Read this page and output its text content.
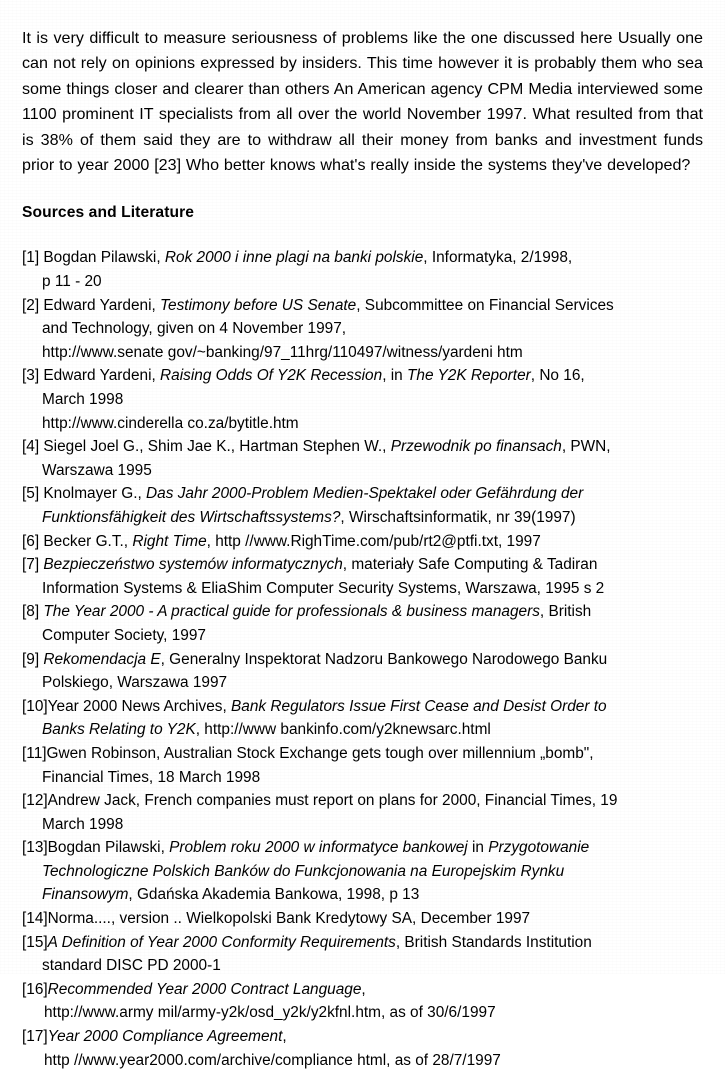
It is very difficult to measure seriousness of problems like the one discussed here Usually one can not rely on opinions expressed by insiders. This time however it is probably them who sea some things closer and clearer than others An American agency CPM Media interviewed some 1100 prominent IT specialists from all over the world November 1997. What resulted from that is 38% of them said they are to withdraw all their money from banks and investment funds prior to year 2000 [23] Who better knows what's really inside the systems they've developed?

Sources and Literature

[1] Bogdan Pilawski, Rok 2000 i inne plagi na banki polskie, Informatyka, 2/1998,

p 11 - 20

[2] Edward Yardeni, Testimony before US Senate, Subcommittee on Financial Services

and Technology, given on 4 November 1997,

http://www.senate gov/~banking/97_11hrg/110497/witness/yardeni htm

[3] Edward Yardeni, Raising Odds Of Y2K Recession, in The Y2K Reporter, No 16,

March 1998

http://www.cinderella co.za/bytitle.htm

[4] Siegel Joel G., Shim Jae K., Hartman Stephen W., Przewodnik po finansach, PWN,

Warszawa 1995

[5] Knolmayer G., Das Jahr 2000-Problem Medien-Spektakel oder Gefährdung der

Funktionsfähigkeit des Wirtschaftssystems?, Wirschaftsinformatik, nr 39(1997)

[6] Becker G.T., Right Time, http //www.RighTime.com/pub/rt2@ptfi.txt, 1997

[7] Bezpieczeństwo systemów informatycznych, materiały Safe Computing & Tadiran

Information Systems & EliaShim Computer Security Systems, Warszawa, 1995 s 2

[8] The Year 2000 - A practical guide for professionals & business managers, British

Computer Society, 1997

[9] Rekomendacja E, Generalny Inspektorat Nadzoru Bankowego Narodowego Banku

Polskiego, Warszawa 1997

[10]Year 2000 News Archives, Bank Regulators Issue First Cease and Desist Order to

Banks Relating to Y2K, http://www bankinfo.com/y2knewsarc.html

[11]Gwen Robinson, Australian Stock Exchange gets tough over millennium „bomb",

Financial Times, 18 March 1998

[12]Andrew Jack, French companies must report on plans for 2000, Financial Times, 19

March 1998

[13]Bogdan Pilawski, Problem roku 2000 w informatyce bankowej in Przygotowanie

Technologiczne Polskich Banków do Funkcjonowania na Europejskim Rynku

Finansowym, Gdańska Akademia Bankowa, 1998, p 13

[14]Norma...., version .. Wielkopolski Bank Kredytowy SA, December 1997

[15]A Definition of Year 2000 Conformity Requirements, British Standards Institution

standard DISC PD 2000-1

[16]Recommended Year 2000 Contract Language,

http://www.army mil/army-y2k/osd_y2k/y2kfnl.htm, as of 30/6/1997

[17]Year 2000 Compliance Agreement,

http //www.year2000.com/archive/compliance html, as of 28/7/1997
